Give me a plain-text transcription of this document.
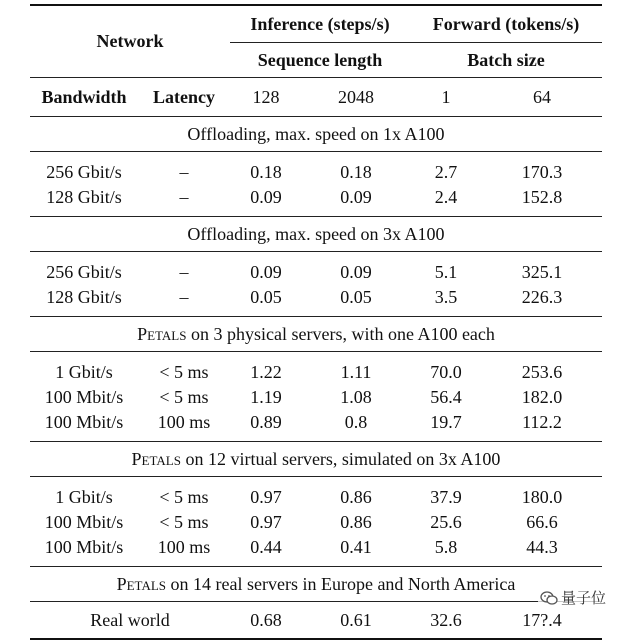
Network		Inference (steps/s)		Forward (tokens/s)	
		Sequence length		Batch size	
Bandwidth	Latency	128	2048	1	64
Offloading, max. speed on 1x A100					
256 Gbit/s	–	0.18	0.18	2.7	170.3
128 Gbit/s	–	0.09	0.09	2.4	152.8
Offloading, max. speed on 3x A100					
256 Gbit/s	–	0.09	0.09	5.1	325.1
128 Gbit/s	–	0.05	0.05	3.5	226.3
Petals on 3 physical servers, with one A100 each					
1 Gbit/s	< 5 ms	1.22	1.11	70.0	253.6
100 Mbit/s	< 5 ms	1.19	1.08	56.4	182.0
100 Mbit/s	100 ms	0.89	0.8	19.7	112.2
Petals on 12 virtual servers, simulated on 3x A100					
1 Gbit/s	< 5 ms	0.97	0.86	37.9	180.0
100 Mbit/s	< 5 ms	0.97	0.86	25.6	66.6
100 Mbit/s	100 ms	0.44	0.41	5.8	44.3
Petals on 14 real servers in Europe and North America					
Real world		0.68	0.61	32.6	17?.4
量子位
